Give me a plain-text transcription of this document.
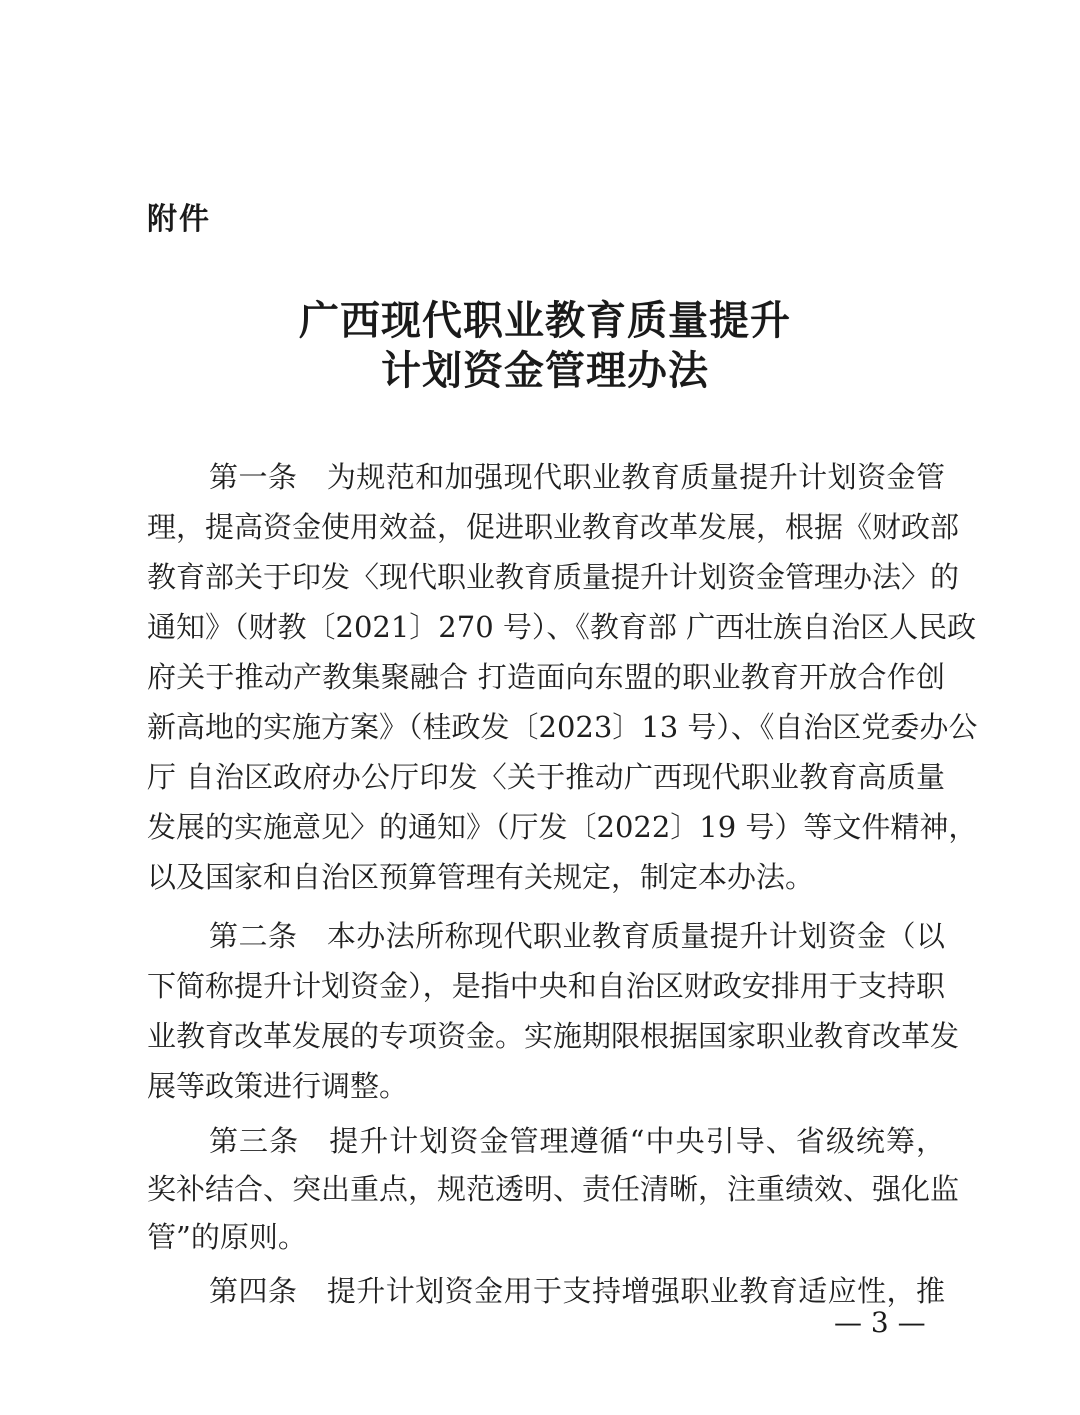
附件
广西现代职业教育质量提升
计划资金管理办法
第一条　为规范和加强现代职业教育质量提升计划资金管
理，提高资金使用效益，促进职业教育改革发展，根据《财政部
教育部关于印发〈现代职业教育质量提升计划资金管理办法〉的
通知》（财教〔2021〕270 号）、《教育部 广西壮族自治区人民政
府关于推动产教集聚融合 打造面向东盟的职业教育开放合作创
新高地的实施方案》（桂政发〔2023〕13 号）、《自治区党委办公
厅 自治区政府办公厅印发〈关于推动广西现代职业教育高质量
发展的实施意见〉的通知》（厅发〔2022〕19 号）等文件精神，
以及国家和自治区预算管理有关规定，制定本办法。
第二条　本办法所称现代职业教育质量提升计划资金（以
下简称提升计划资金），是指中央和自治区财政安排用于支持职
业教育改革发展的专项资金。实施期限根据国家职业教育改革发
展等政策进行调整。
第三条　提升计划资金管理遵循“中央引导、省级统筹，
奖补结合、突出重点，规范透明、责任清晰，注重绩效、强化监
管”的原则。
第四条　提升计划资金用于支持增强职业教育适应性，推
— 3 —
